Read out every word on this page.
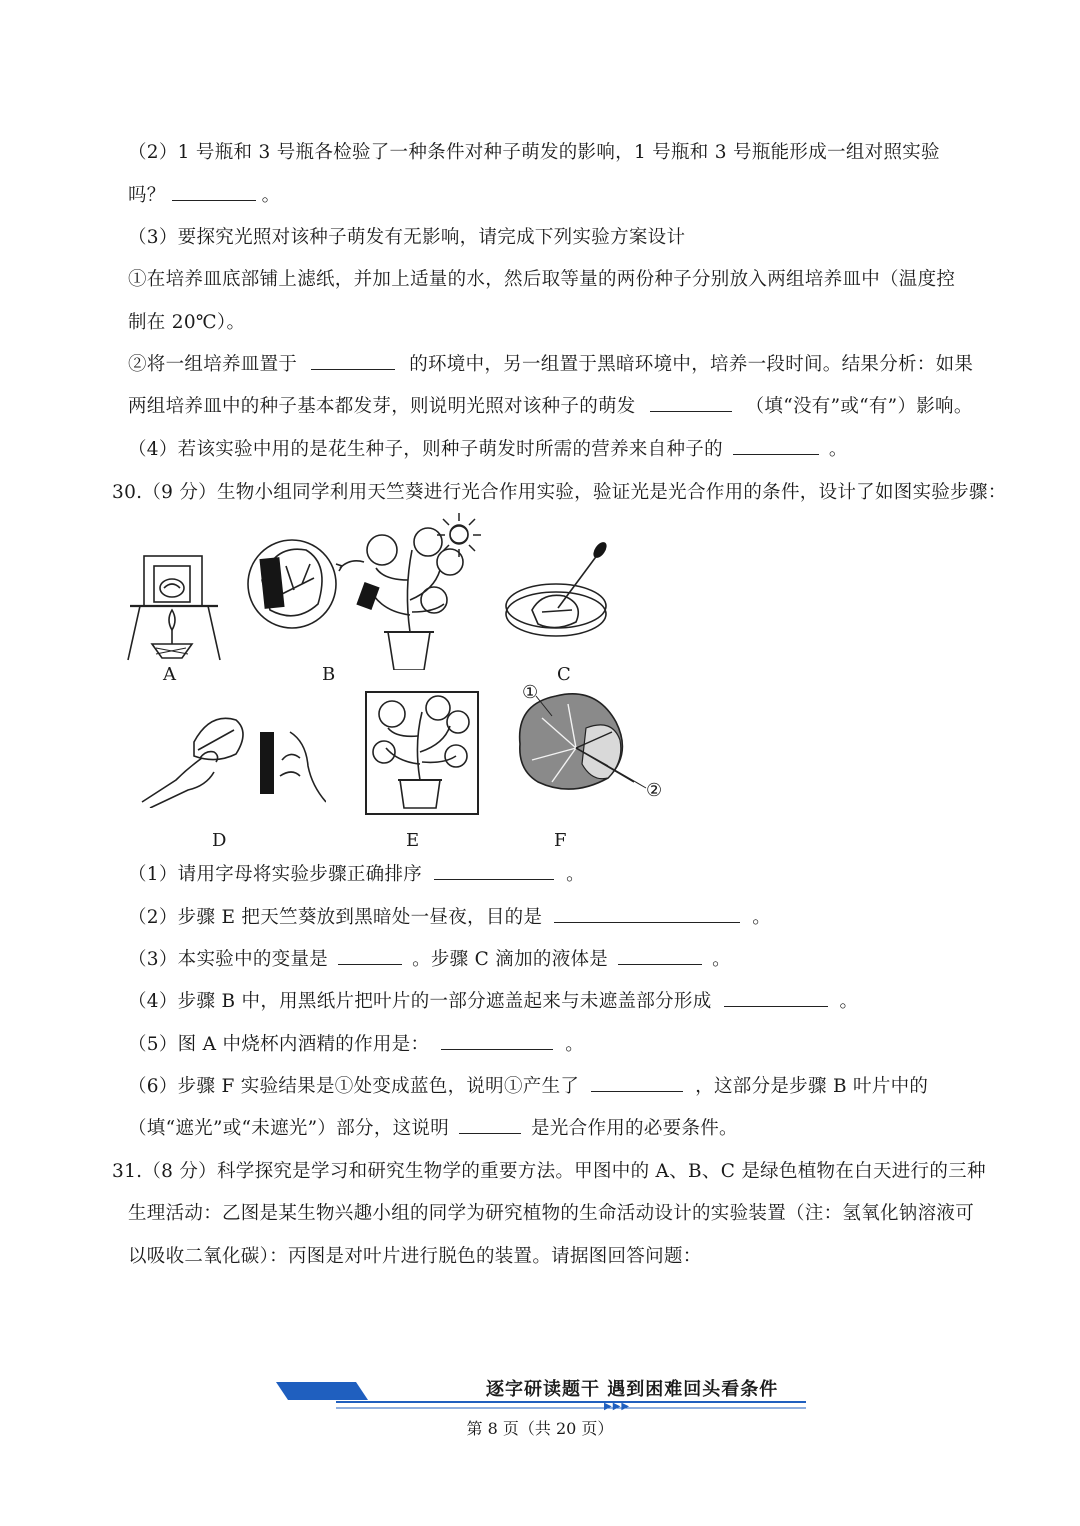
（2）1 号瓶和 3 号瓶各检验了一种条件对种子萌发的影响，1 号瓶和 3 号瓶能形成一组对照实验
吗？	。
（3）要探究光照对该种子萌发有无影响，请完成下列实验方案设计
①在培养皿底部铺上滤纸，并加上适量的水，然后取等量的两份种子分别放入两组培养皿中（温度控
制在 20℃）。
②将一组培养皿置于	的环境中，另一组置于黑暗环境中，培养一段时间。结果分析：如果
两组培养皿中的种子基本都发芽，则说明光照对该种子的萌发	（填“没有”或“有”）影响。
（4）若该实验中用的是花生种子，则种子萌发时所需的营养来自种子的	。
30.（9 分）生物小组同学利用天竺葵进行光合作用实验，验证光是光合作用的条件，设计了如图实验步骤：
A	B	C
D	E
①
②
F
（1）请用字母将实验步骤正确排序	。
（2）步骤 E 把天竺葵放到黑暗处一昼夜，目的是	。
（3）本实验中的变量是	。步骤 C 滴加的液体是	。
（4）步骤 B 中，用黑纸片把叶片的一部分遮盖起来与未遮盖部分形成	。
（5）图 A 中烧杯内酒精的作用是：	。
（6）步骤 F 实验结果是①处变成蓝色，说明①产生了	，这部分是步骤 B 叶片中的
（填“遮光”或“未遮光”）部分，这说明	是光合作用的必要条件。
31.（8 分）科学探究是学习和研究生物学的重要方法。甲图中的 A、B、C 是绿色植物在白天进行的三种
生理活动：乙图是某生物兴趣小组的同学为研究植物的生命活动设计的实验装置（注：氢氧化钠溶液可
以吸收二氧化碳）：丙图是对叶片进行脱色的装置。请据图回答问题：
逐字研读题干 遇到困难回头看条件
▶▶▶
第 8 页（共 20 页）
